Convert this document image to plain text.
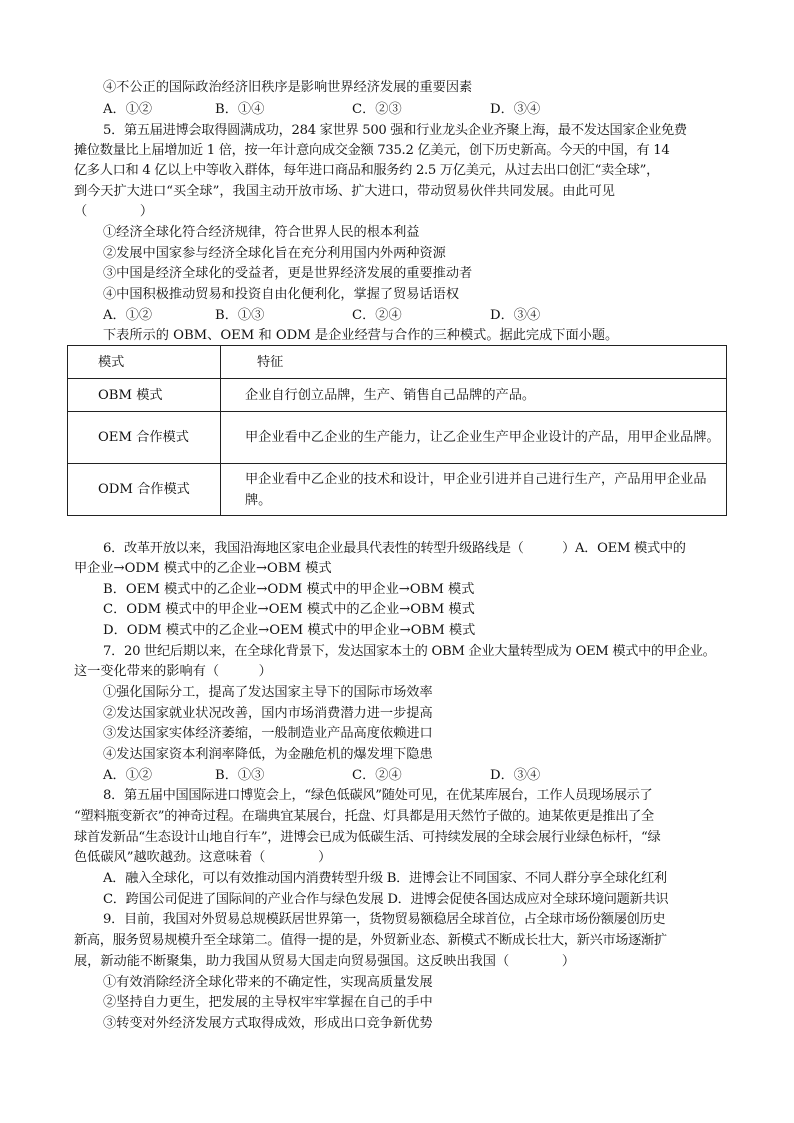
④不公正的国际政治经济旧秩序是影响世界经济发展的重要因素
A．①②	B．①④	C．②③	D．③④
5．第五届进博会取得圆满成功，284 家世界 500 强和行业龙头企业齐聚上海，最不发达国家企业免费
摊位数量比上届增加近 1 倍，按一年计意向成交金额 735.2 亿美元，创下历史新高。今天的中国，有 14
亿多人口和 4 亿以上中等收入群体，每年进口商品和服务约 2.5 万亿美元，从过去出口创汇“卖全球”，
到今天扩大进口“买全球”，我国主动开放市场、扩大进口，带动贸易伙伴共同发展。由此可见
（　　　　）
①经济全球化符合经济规律，符合世界人民的根本利益
②发展中国家参与经济全球化旨在充分利用国内外两种资源
③中国是经济全球化的受益者，更是世界经济发展的重要推动者
④中国积极推动贸易和投资自由化便利化，掌握了贸易话语权
A．①②	B．①③	C．②④	D．③④
下表所示的 OBM、OEM 和 ODM 是企业经营与合作的三种模式。据此完成下面小题。
模式	特征
OBM 模式	企业自行创立品牌，生产、销售自己品牌的产品。

OEM 合作模式	甲企业看中乙企业的生产能力，让乙企业生产甲企业设计的产品，用甲企业品牌。

ODM 合作模式	甲企业看中乙企业的技术和设计，甲企业引进并自己进行生产，产品用甲企业品牌。
6．改革开放以来，我国沿海地区家电企业最具代表性的转型升级路线是（　　　）A．OEM 模式中的
甲企业→ODM 模式中的乙企业→OBM 模式
B．OEM 模式中的乙企业→ODM 模式中的甲企业→OBM 模式
C．ODM 模式中的甲企业→OEM 模式中的乙企业→OBM 模式
D．ODM 模式中的乙企业→OEM 模式中的甲企业→OBM 模式
7．20 世纪后期以来，在全球化背景下，发达国家本土的 OBM 企业大量转型成为 OEM 模式中的甲企业。
这一变化带来的影响有（　　　）
①强化国际分工，提高了发达国家主导下的国际市场效率
②发达国家就业状况改善，国内市场消费潜力进一步提高
③发达国家实体经济萎缩，一般制造业产品高度依赖进口
④发达国家资本利润率降低，为金融危机的爆发埋下隐患
A．①②	B．①③	C．②④	D．③④
8．第五届中国国际进口博览会上，“绿色低碳风”随处可见，在优某库展台，工作人员现场展示了
“塑料瓶变新衣”的神奇过程。在瑞典宜某展台，托盘、灯具都是用天然竹子做的。迪某侬更是推出了全
球首发新品“生态设计山地自行车”，进博会已成为低碳生活、可持续发展的全球会展行业绿色标杆，“绿
色低碳风”越吹越劲。这意味着（　　　　）
A．融入全球化，可以有效推动国内消费转型升级 B．进博会让不同国家、不同人群分享全球化红利
C．跨国公司促进了国际间的产业合作与绿色发展 D．进博会促使各国达成应对全球环境问题新共识
9．目前，我国对外贸易总规模跃居世界第一，货物贸易额稳居全球首位，占全球市场份额屡创历史
新高，服务贸易规模升至全球第二。值得一提的是，外贸新业态、新模式不断成长壮大，新兴市场逐渐扩
展，新动能不断聚集，助力我国从贸易大国走向贸易强国。这反映出我国（　　　　）
①有效消除经济全球化带来的不确定性，实现高质量发展
②坚持自力更生，把发展的主导权牢牢掌握在自己的手中
③转变对外经济发展方式取得成效，形成出口竞争新优势
